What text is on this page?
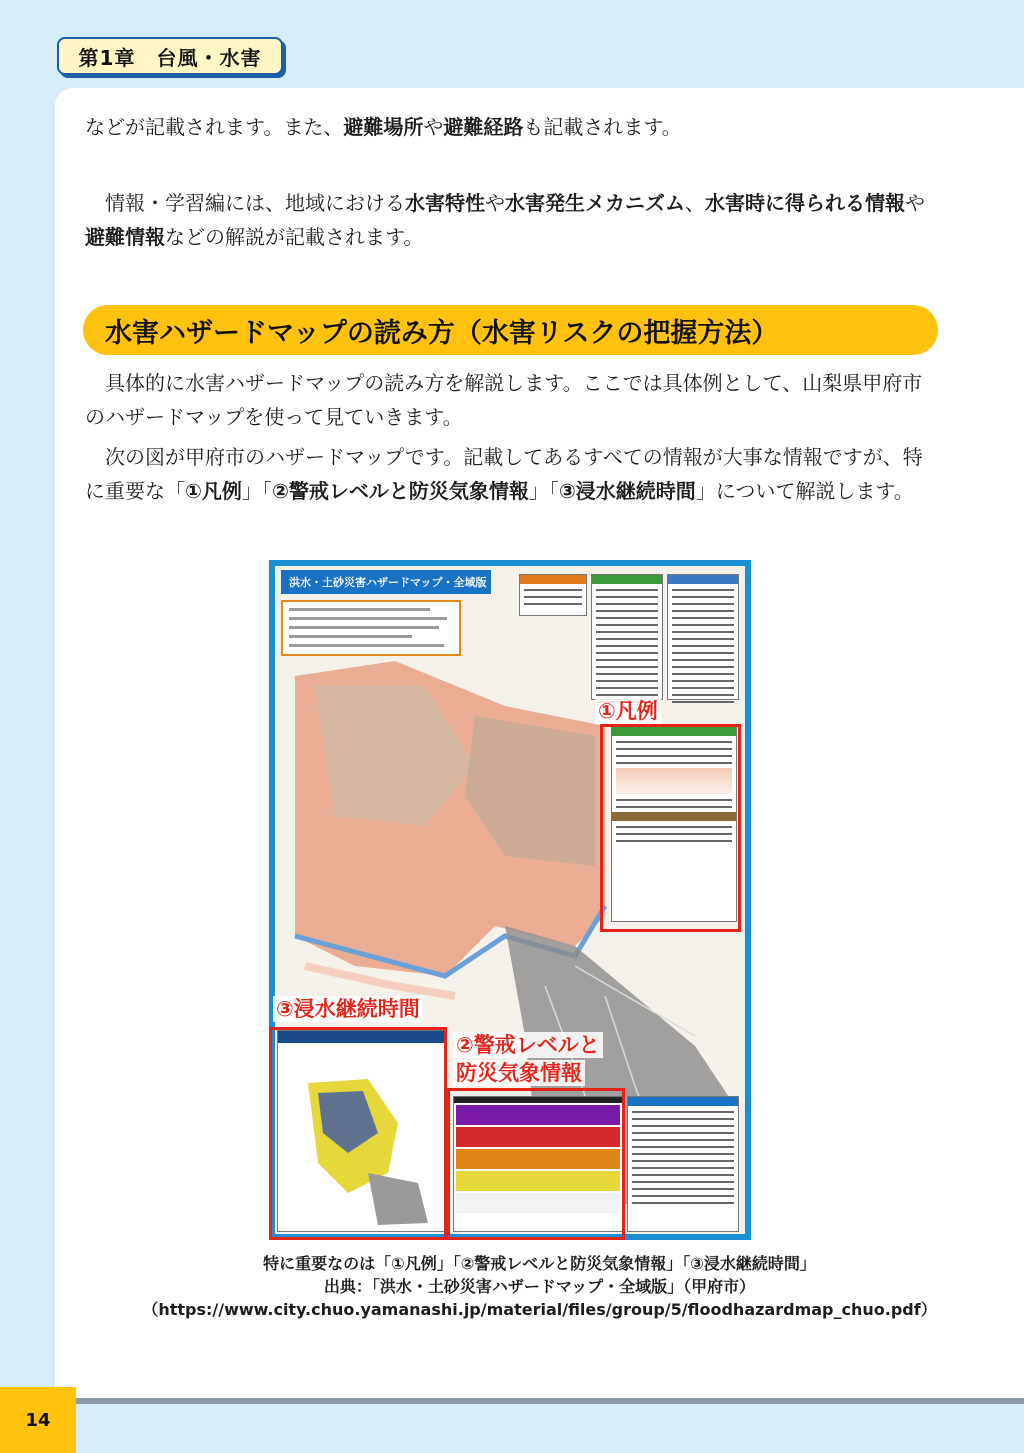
第1章　台風・水害

などが記載されます。また、避難場所や避難経路も記載されます。

　情報・学習編には、地域における水害特性や水害発生メカニズム、水害時に得られる情報や避難情報などの解説が記載されます。

水害ハザードマップの読み方（水害リスクの把握方法）

　具体的に水害ハザードマップの読み方を解説します。ここでは具体例として、山梨県甲府市のハザードマップを使って見ていきます。

　次の図が甲府市のハザードマップです。記載してあるすべての情報が大事な情報ですが、特に重要な「①凡例」「②警戒レベルと防災気象情報」「③浸水継続時間」について解説します。

洪水・土砂災害ハザードマップ・全域版
①凡例
③浸水継続時間
②警戒レベルと
防災気象情報

特に重要なのは「①凡例」「②警戒レベルと防災気象情報」「③浸水継続時間」

出典：「洪水・土砂災害ハザードマップ・全域版」（甲府市）

（https://www.city.chuo.yamanashi.jp/material/files/group/5/floodhazardmap_chuo.pdf）

14
